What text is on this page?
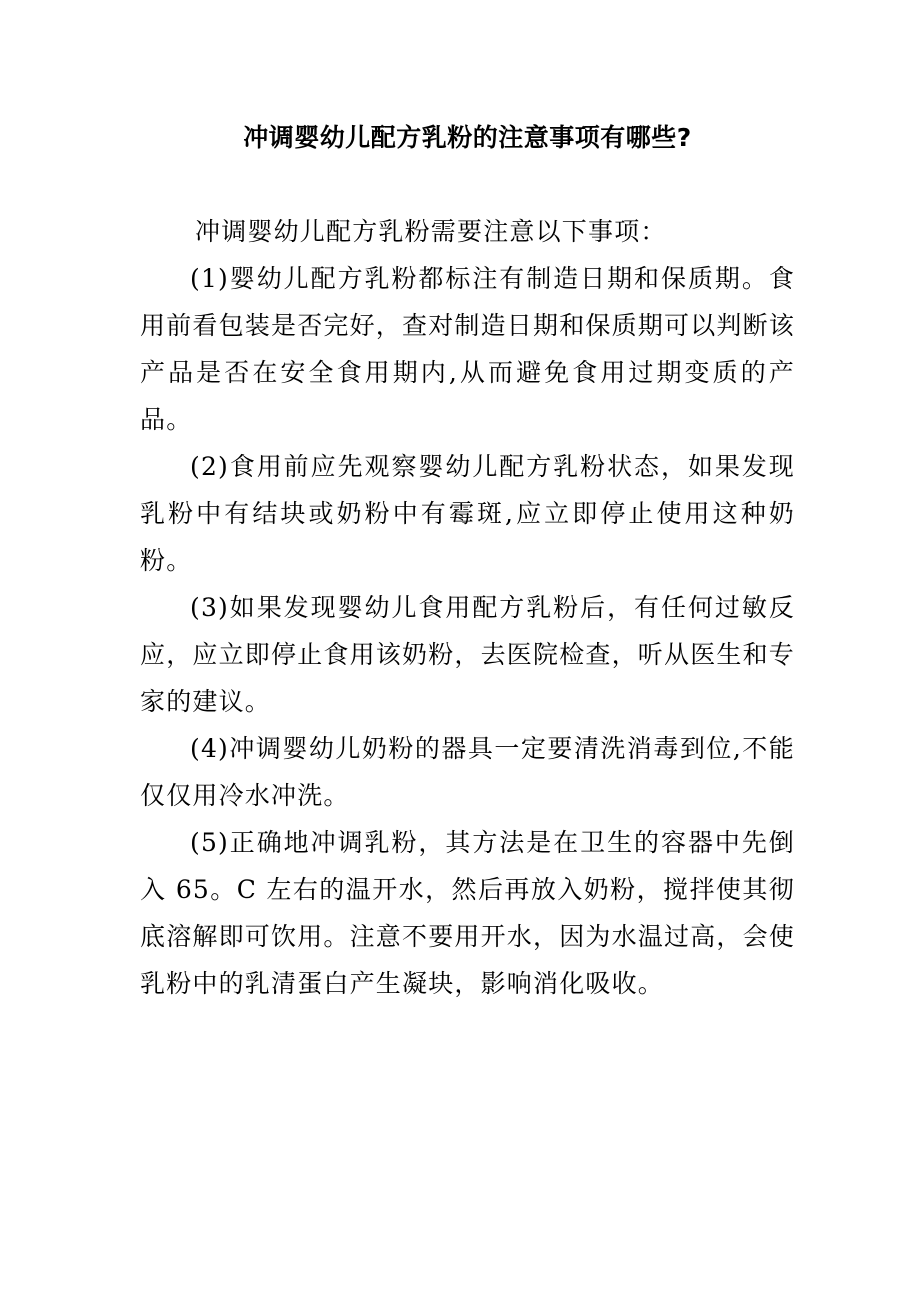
冲调婴幼儿配方乳粉的注意事项有哪些?

冲调婴幼儿配方乳粉需要注意以下事项：

(1)婴幼儿配方乳粉都标注有制造日期和保质期。食用前看包装是否完好，查对制造日期和保质期可以判断该产品是否在安全食用期内,从而避免食用过期变质的产品。

(2)食用前应先观察婴幼儿配方乳粉状态，如果发现乳粉中有结块或奶粉中有霉斑,应立即停止使用这种奶粉。

(3)如果发现婴幼儿食用配方乳粉后，有任何过敏反应，应立即停止食用该奶粉，去医院检查，听从医生和专家的建议。

(4)冲调婴幼儿奶粉的器具一定要清洗消毒到位,不能仅仅用冷水冲洗。

(5)正确地冲调乳粉，其方法是在卫生的容器中先倒入 65。C 左右的温开水，然后再放入奶粉，搅拌使其彻底溶解即可饮用。注意不要用开水，因为水温过高，会使乳粉中的乳清蛋白产生凝块，影响消化吸收。
